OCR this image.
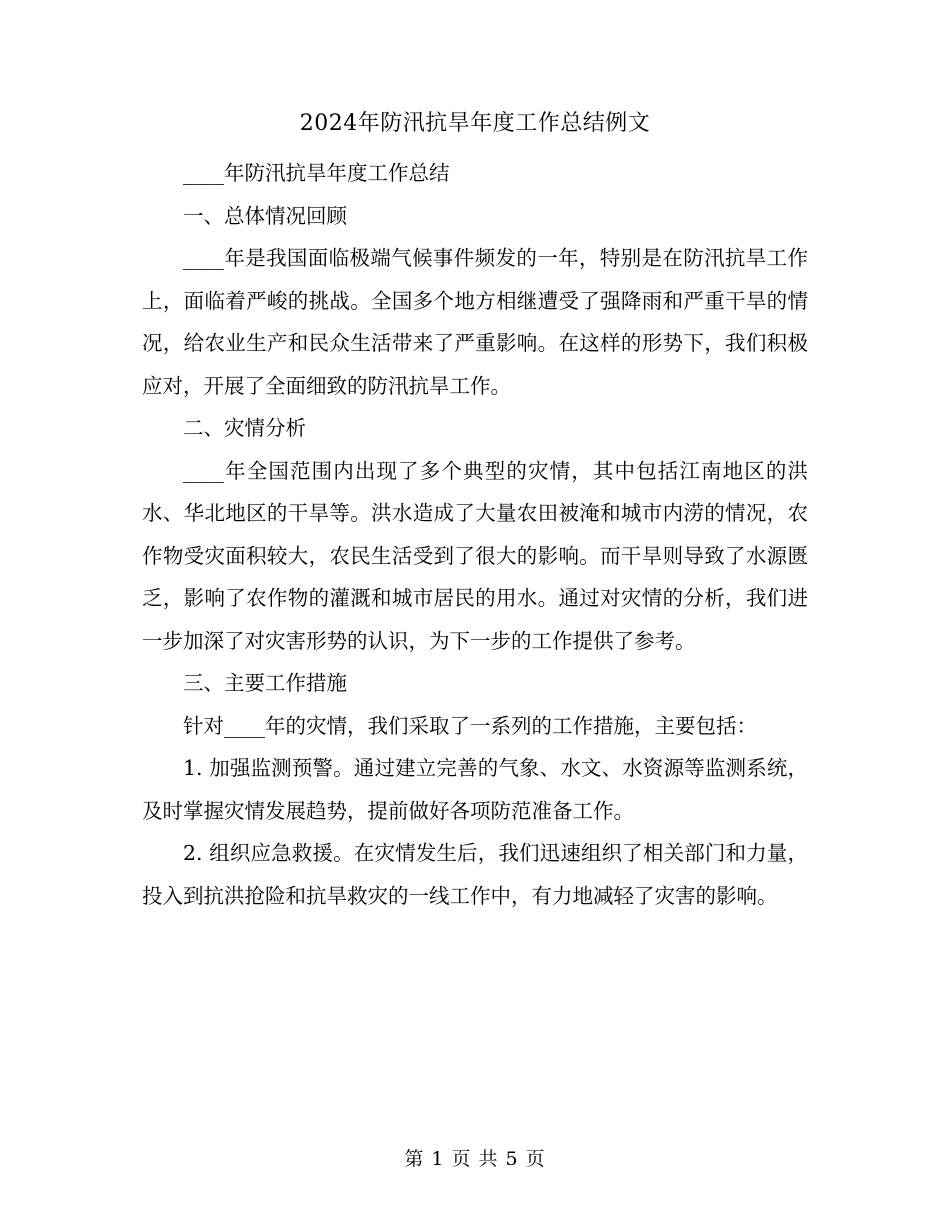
2024年防汛抗旱年度工作总结例文

____年防汛抗旱年度工作总结

一、总体情况回顾

____年是我国面临极端气候事件频发的一年，特别是在防汛抗旱工作上，面临着严峻的挑战。全国多个地方相继遭受了强降雨和严重干旱的情况，给农业生产和民众生活带来了严重影响。在这样的形势下，我们积极应对，开展了全面细致的防汛抗旱工作。

二、灾情分析

____年全国范围内出现了多个典型的灾情，其中包括江南地区的洪水、华北地区的干旱等。洪水造成了大量农田被淹和城市内涝的情况，农作物受灾面积较大，农民生活受到了很大的影响。而干旱则导致了水源匮乏，影响了农作物的灌溉和城市居民的用水。通过对灾情的分析，我们进一步加深了对灾害形势的认识，为下一步的工作提供了参考。

三、主要工作措施

针对____年的灾情，我们采取了一系列的工作措施，主要包括：

1. 加强监测预警。通过建立完善的气象、水文、水资源等监测系统，及时掌握灾情发展趋势，提前做好各项防范准备工作。

2. 组织应急救援。在灾情发生后，我们迅速组织了相关部门和力量，投入到抗洪抢险和抗旱救灾的一线工作中，有力地减轻了灾害的影响。

第 1 页 共 5 页
